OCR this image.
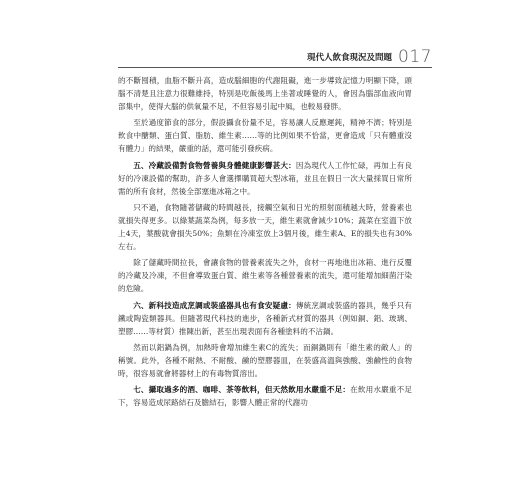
現代人飲食現況及問題 017

的不斷囤積，血脂不斷升高，造成腦細胞的代謝阻礙，進一步導致記憶力明顯下降，頭腦不清楚且注意力很難維持，特別是吃飯後馬上坐著或睡覺的人，會因為腦部血液向胃部集中，使得大腦的供氧量不足，不但容易引起中風，也較易發胖。

至於過度節食的部分，假設攝食份量不足，容易讓人反應遲鈍，精神不濟；特別是飲食中醣類、蛋白質、脂肪、維生素……等的比例如果不恰當，更會造成「只有體重沒有體力」的結果，嚴重的話，還可能引發疾病。

五、冷藏設備對食物營養與身體健康影響甚大：因為現代人工作忙碌，再加上有良好的冷凍設備的幫助，許多人會選擇購買超大型冰箱，並且在假日一次大量採買日常所需的所有食材，然後全部塞進冰箱之中。

只不過，食物隨著儲藏的時間越長，接觸空氣和日光的照射面積越大時，營養素也就損失得更多。以綠葉蔬菜為例，每多放一天，維生素就會減少10%；蔬菜在室溫下放上4天，葉酸就會損失50%；魚類在冷凍室放上3個月後，維生素A、E的損失也有30%左右。

除了儲藏時間拉長，會讓食物的營養素流失之外，食材一再地進出冰箱、進行反覆的冷藏及冷凍，不但會導致蛋白質、維生素等各種營養素的流失，還可能增加細菌汙染的危險。

六、新科技造成烹調或裝盛器具也有食安疑慮：傳統烹調或裝盛的器具，幾乎只有鐵或陶瓷類器具。但隨著現代科技的進步，各種新式材質的器具（例如銅、鋁、玻璃、塑膠……等材質）推陳出新，甚至出現表面有各種塗料的不沾鍋。

然而以鋁鍋為例，加熱時會增加維生素C的流失；而銅鍋則有「維生素的敵人」的稱號。此外，各種不耐熱、不耐酸、鹼的塑膠器皿，在裝盛高溫與強酸、強鹼性的食物時，很容易就會將器材上的有毒物質溶出。

七、攝取過多的酒、咖啡、茶等飲料，但天然飲用水嚴重不足：在飲用水嚴重不足下，容易造成尿路結石及膽結石，影響人體正常的代謝功
